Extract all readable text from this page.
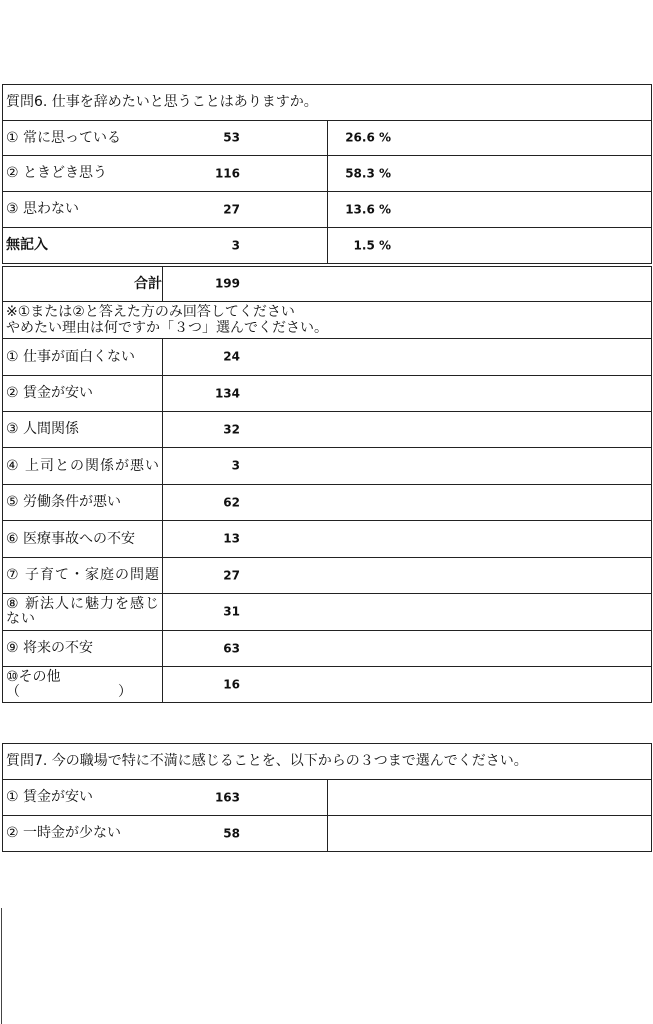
質問6. 仕事を辞めたいと思うことはありますか。	
① 常に思っている	53 26.6 %

② ときどき思う	116 58.3 %

③ 思わない	27 13.6 %

無記入	3 1.5 %
合計	199

※①または②と答えた方のみ回答してください
やめたい理由は何ですか「３つ」選んでください。	

① 仕事が面白くない	24

② 賃金が安い	134

③ 人間関係	32

④ 上司との関係が悪い	3

⑤ 労働条件が悪い	62

⑥ 医療事故への不安	13

⑦ 子育て・家庭の問題	27

⑧ 新法人に魅力を感じない	31

⑨ 将来の不安	63

⑩その他
（　　　　　　　）	16
質問7. 今の職場で特に不満に感じることを、以下からの３つまで選んでください。	
① 賃金が安い	163

② 一時金が少ない	58
